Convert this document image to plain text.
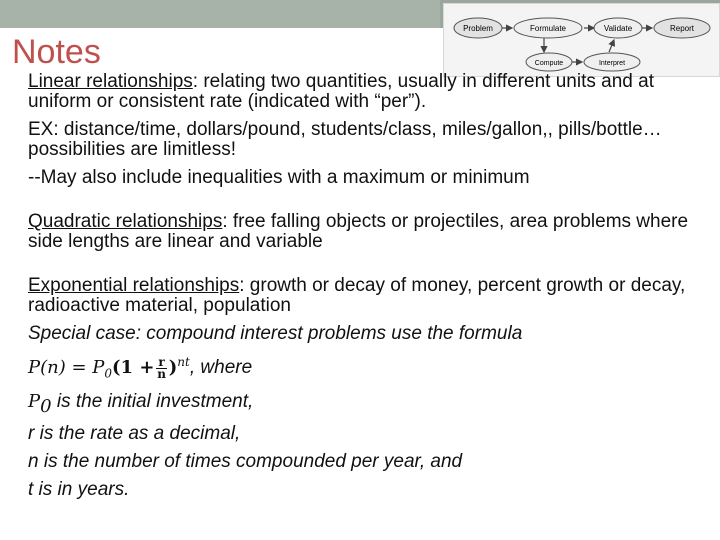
Notes
Problem	Formulate	Validate	Report
Compute	Interpret

Linear relationships: relating two quantities, usually in different units and at uniform or consistent rate (indicated with “per”).

EX: distance/time, dollars/pound, students/class, miles/gallon,, pills/bottle… possibilities are limitless!

--May also include inequalities with a maximum or minimum

Quadratic relationships: free falling objects or projectiles, area problems where side lengths are linear and variable

Exponential relationships: growth or decay of money, percent growth or decay, radioactive material, population

Special case: compound interest problems use the formula

$P(n) = P_0(1 + \frac{r}{n} )^{nt}$, where

$P_0$ is the initial investment,

r is the rate as a decimal,

n is the number of times compounded per year, and

t is in years.
